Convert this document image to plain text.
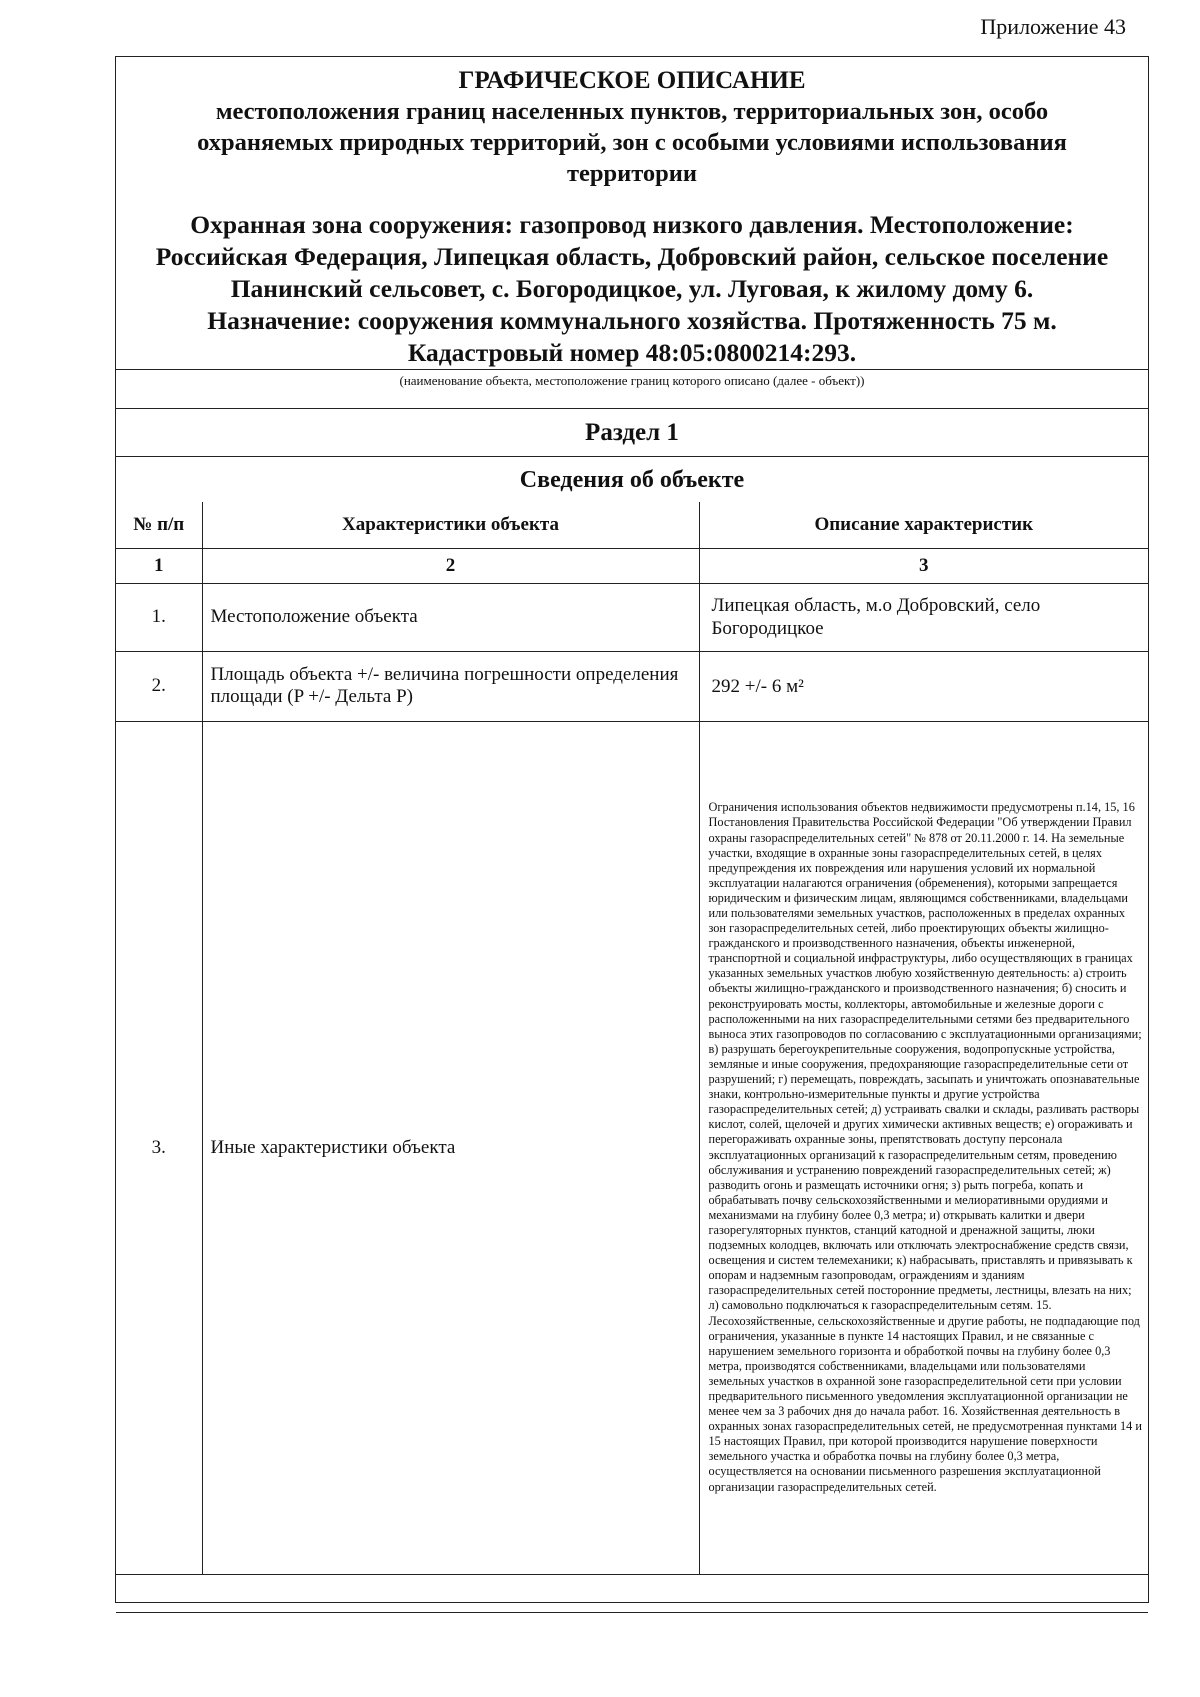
Приложение 43
ГРАФИЧЕСКОЕ ОПИСАНИЕ
местоположения границ населенных пунктов, территориальных зон, особо охраняемых природных территорий, зон с особыми условиями использования территории
Охранная зона сооружения: газопровод низкого давления. Местоположение:
Российская Федерация, Липецкая область, Добровский район, сельское поселение
Панинский сельсовет, с. Богородицкое, ул. Луговая, к жилому дому 6.
Назначение: сооружения коммунального хозяйства. Протяженность 75 м.
Кадастровый номер 48:05:0800214:293.
(наименование объекта, местоположение границ которого описано (далее - объект))
Раздел 1
Сведения об объекте
№ п/п	Характеристики объекта	Описание характеристик
1	2	3
1.	Местоположение объекта	Липецкая область, м.о Добровский, село Богородицкое
2.	Площадь объекта +/- величина погрешности определения площади (P +/- Дельта P)	292 +/- 6 м²
3.	Иные характеристики объекта	Ограничения использования объектов недвижимости предусмотрены п.14, 15, 16 Постановления Правительства Российской Федерации "Об утверждении Правил охраны газораспределительных сетей" № 878 от 20.11.2000 г. 14. На земельные участки, входящие в охранные зоны газораспределительных сетей, в целях предупреждения их повреждения или нарушения условий их нормальной эксплуатации налагаются ограничения (обременения), которыми запрещается юридическим и физическим лицам, являющимся собственниками, владельцами или пользователями земельных участков, расположенных в пределах охранных зон газораспределительных сетей, либо проектирующих объекты жилищно-гражданского и производственного назначения, объекты инженерной, транспортной и социальной инфраструктуры, либо осуществляющих в границах указанных земельных участков любую хозяйственную деятельность: а) строить объекты жилищно-гражданского и производственного назначения; б) сносить и реконструировать мосты, коллекторы, автомобильные и железные дороги с расположенными на них газораспределительными сетями без предварительного выноса этих газопроводов по согласованию с эксплуатационными организациями; в) разрушать берегоукрепительные сооружения, водопропускные устройства, земляные и иные сооружения, предохраняющие газораспределительные сети от разрушений; г) перемещать, повреждать, засыпать и уничтожать опознавательные знаки, контрольно-измерительные пункты и другие устройства газораспределительных сетей; д) устраивать свалки и склады, разливать растворы кислот, солей, щелочей и других химически активных веществ; е) огораживать и перегораживать охранные зоны, препятствовать доступу персонала эксплуатационных организаций к газораспределительным сетям, проведению обслуживания и устранению повреждений газораспределительных сетей; ж) разводить огонь и размещать источники огня; з) рыть погреба, копать и обрабатывать почву сельскохозяйственными и мелиоративными орудиями и механизмами на глубину более 0,3 метра; и) открывать калитки и двери газорегуляторных пунктов, станций катодной и дренажной защиты, люки подземных колодцев, включать или отключать электроснабжение средств связи, освещения и систем телемеханики; к) набрасывать, приставлять и привязывать к опорам и надземным газопроводам, ограждениям и зданиям газораспределительных сетей посторонние предметы, лестницы, влезать на них; л) самовольно подключаться к газораспределительным сетям. 15. Лесохозяйственные, сельскохозяйственные и другие работы, не подпадающие под ограничения, указанные в пункте 14 настоящих Правил, и не связанные с нарушением земельного горизонта и обработкой почвы на глубину более 0,3 метра, производятся собственниками, владельцами или пользователями земельных участков в охранной зоне газораспределительной сети при условии предварительного письменного уведомления эксплуатационной организации не менее чем за 3 рабочих дня до начала работ. 16. Хозяйственная деятельность в охранных зонах газораспределительных сетей, не предусмотренная пунктами 14 и 15 настоящих Правил, при которой производится нарушение поверхности земельного участка и обработка почвы на глубину более 0,3 метра, осуществляется на основании письменного разрешения эксплуатационной организации газораспределительных сетей.
